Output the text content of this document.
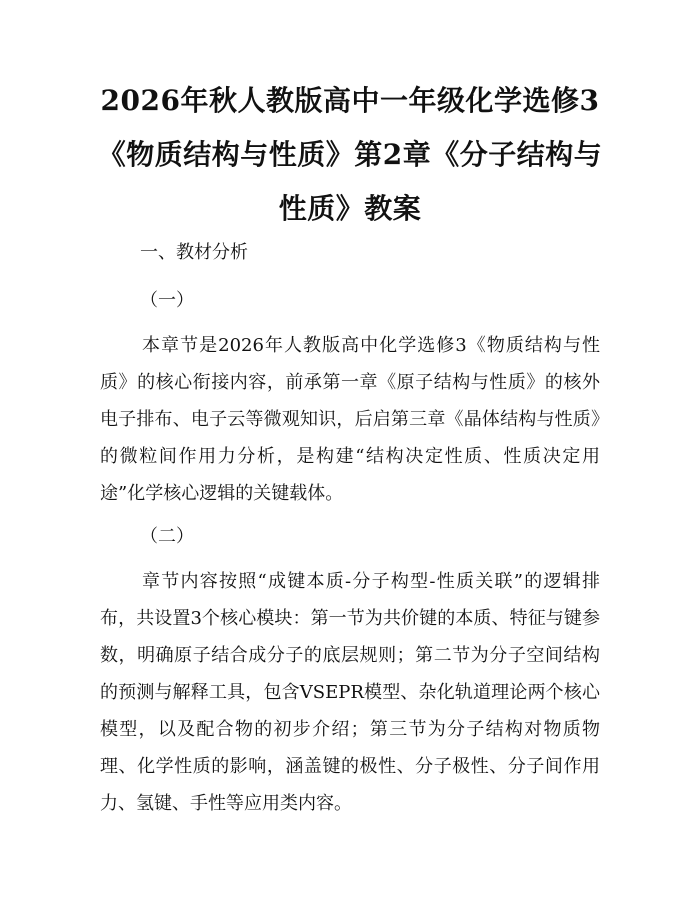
2026年秋人教版高中一年级化学选修3《物质结构与性质》第2章《分子结构与性质》教案

一、教材分析

（一）

本章节是2026年人教版高中化学选修3《物质结构与性质》的核心衔接内容，前承第一章《原子结构与性质》的核外电子排布、电子云等微观知识，后启第三章《晶体结构与性质》的微粒间作用力分析，是构建“结构决定性质、性质决定用途”化学核心逻辑的关键载体。

（二）

章节内容按照“成键本质-分子构型-性质关联”的逻辑排布，共设置3个核心模块：第一节为共价键的本质、特征与键参数，明确原子结合成分子的底层规则；第二节为分子空间结构的预测与解释工具，包含VSEPR模型、杂化轨道理论两个核心模型，以及配合物的初步介绍；第三节为分子结构对物质物理、化学性质的影响，涵盖键的极性、分子极性、分子间作用力、氢键、手性等应用类内容。
